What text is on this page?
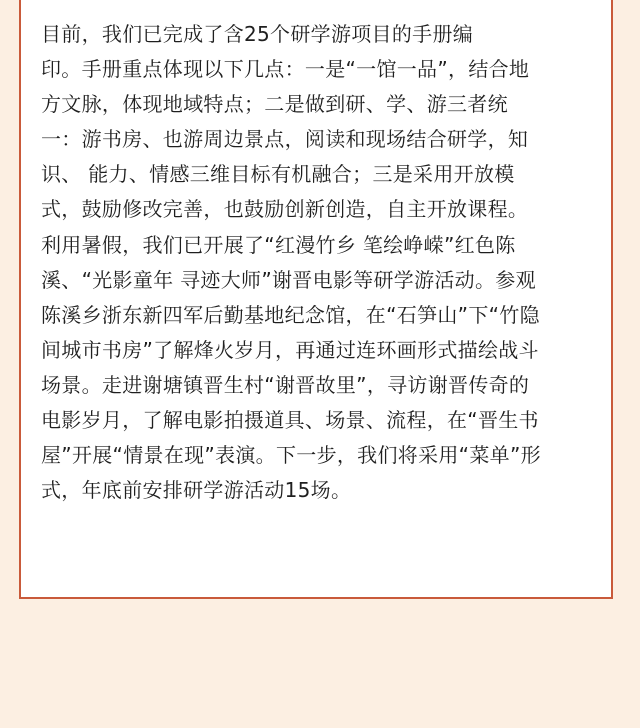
目前，我们已完成了含25个研学游项目的手册编
印。手册重点体现以下几点：一是“一馆一品”，结合地
方文脉，体现地域特点；二是做到研、学、游三者统
一：游书房、也游周边景点，阅读和现场结合研学，知
识、 能力、情感三维目标有机融合；三是采用开放模
式，鼓励修改完善，也鼓励创新创造，自主开放课程。
利用暑假，我们已开展了“红漫竹乡 笔绘峥嵘”红色陈
溪、“光影童年 寻迹大师”谢晋电影等研学游活动。参观
陈溪乡浙东新四军后勤基地纪念馆，在“石笋山”下“竹隐
间城市书房”了解烽火岁月，再通过连环画形式描绘战斗
场景。走进谢塘镇晋生村“谢晋故里”，寻访谢晋传奇的
电影岁月，了解电影拍摄道具、场景、流程，在“晋生书
屋”开展“情景在现”表演。下一步，我们将采用“菜单”形
式，年底前安排研学游活动15场。
